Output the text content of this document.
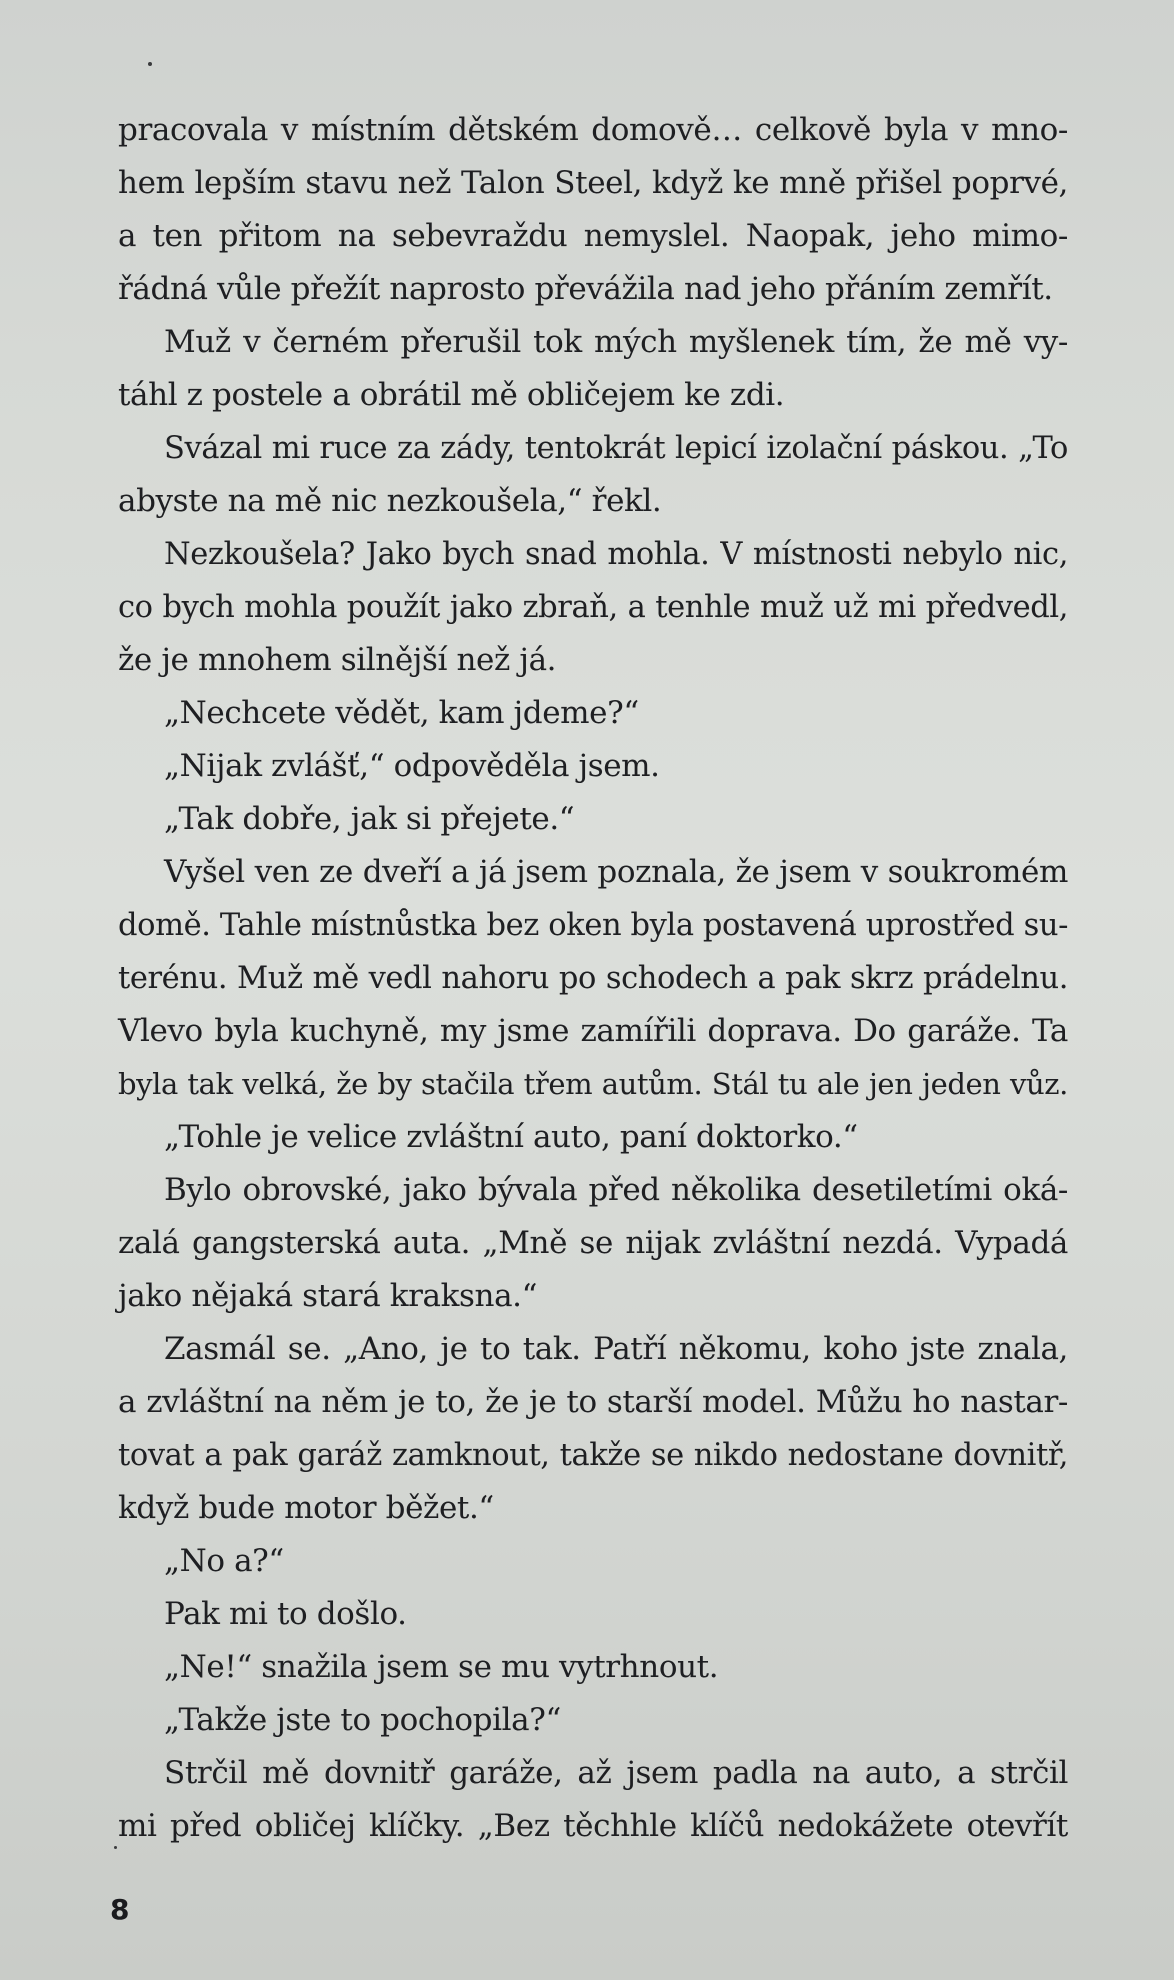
pracovala v místním dětském domově… celkově byla v mno-
hem lepším stavu než Talon Steel, když ke mně přišel poprvé,
a ten přitom na sebevraždu nemyslel. Naopak, jeho mimo-
řádná vůle přežít naprosto převážila nad jeho přáním zemřít.
Muž v černém přerušil tok mých myšlenek tím, že mě vy-
táhl z postele a obrátil mě obličejem ke zdi.
Svázal mi ruce za zády, tentokrát lepicí izolační páskou. „To
abyste na mě nic nezkoušela,“ řekl.
Nezkoušela? Jako bych snad mohla. V místnosti nebylo nic,
co bych mohla použít jako zbraň, a tenhle muž už mi předvedl,
že je mnohem silnější než já.
„Nechcete vědět, kam jdeme?“
„Nijak zvlášť,“ odpověděla jsem.
„Tak dobře, jak si přejete.“
Vyšel ven ze dveří a já jsem poznala, že jsem v soukromém
domě. Tahle místnůstka bez oken byla postavená uprostřed su-
terénu. Muž mě vedl nahoru po schodech a pak skrz prádelnu.
Vlevo byla kuchyně, my jsme zamířili doprava. Do garáže. Ta
byla tak velká, že by stačila třem autům. Stál tu ale jen jeden vůz.
„Tohle je velice zvláštní auto, paní doktorko.“
Bylo obrovské, jako bývala před několika desetiletími oká-
zalá gangsterská auta. „Mně se nijak zvláštní nezdá. Vypadá
jako nějaká stará kraksna.“
Zasmál se. „Ano, je to tak. Patří někomu, koho jste znala,
a zvláštní na něm je to, že je to starší model. Můžu ho nastar-
tovat a pak garáž zamknout, takže se nikdo nedostane dovnitř,
když bude motor běžet.“
„No a?“
Pak mi to došlo.
„Ne!“ snažila jsem se mu vytrhnout.
„Takže jste to pochopila?“
Strčil mě dovnitř garáže, až jsem padla na auto, a strčil
mi před obličej klíčky. „Bez těchhle klíčů nedokážete otevřít
8
